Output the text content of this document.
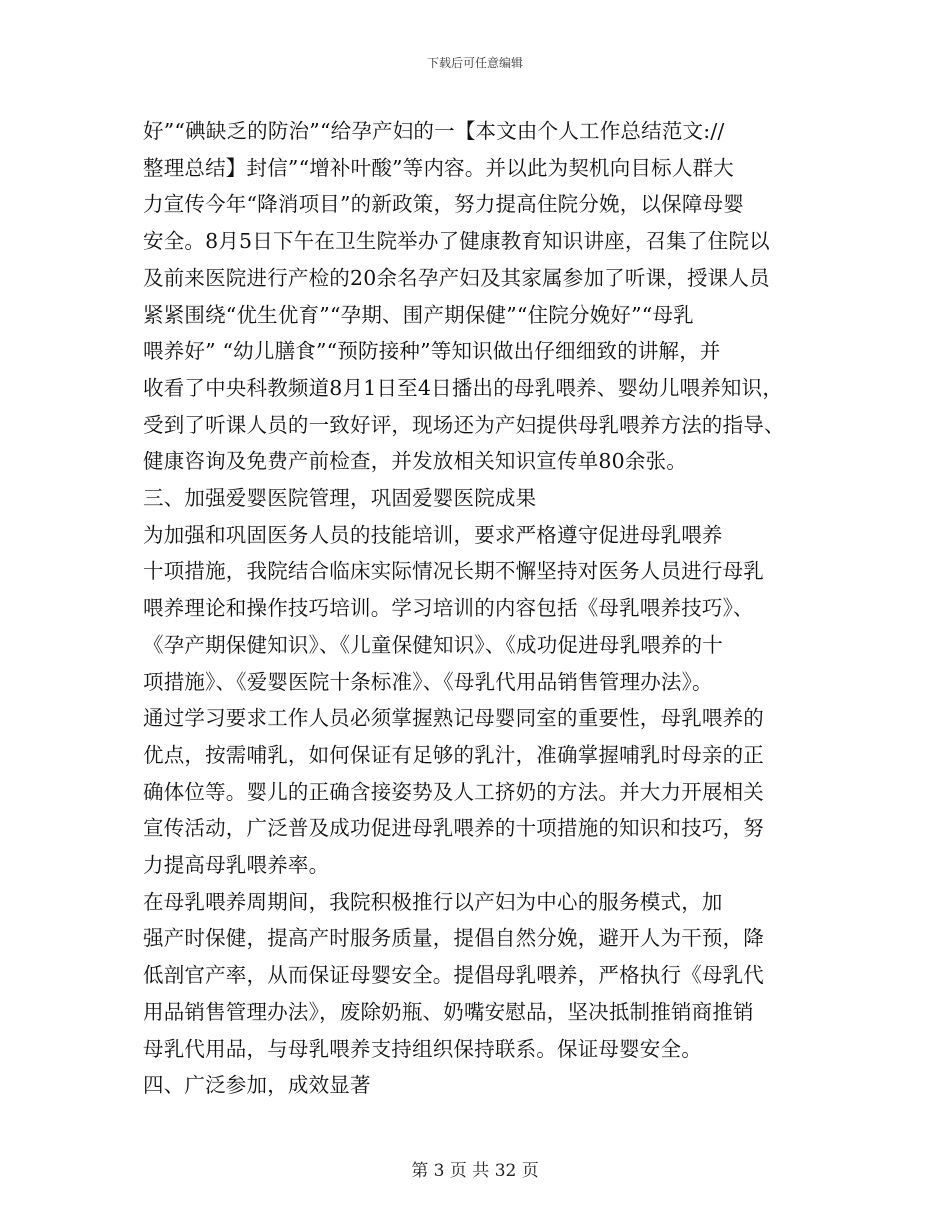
下载后可任意编辑
好”“碘缺乏的防治”“给孕产妇的一【本文由个人工作总结范文://
整理总结】封信”“增补叶酸”等内容。并以此为契机向目标人群大
力宣传今年“降消项目”的新政策，努力提高住院分娩，以保障母婴
安全。8月5日下午在卫生院举办了健康教育知识讲座，召集了住院以
及前来医院进行产检的20余名孕产妇及其家属参加了听课，授课人员
紧紧围绕“优生优育”“孕期、围产期保健”“住院分娩好”“母乳
喂养好” “幼儿膳食”“预防接种”等知识做出仔细细致的讲解，并
收看了中央科教频道8月1日至4日播出的母乳喂养、婴幼儿喂养知识，
受到了听课人员的一致好评，现场还为产妇提供母乳喂养方法的指导、
健康咨询及免费产前检查，并发放相关知识宣传单80余张。
三、加强爱婴医院管理，巩固爱婴医院成果
为加强和巩固医务人员的技能培训，要求严格遵守促进母乳喂养
十项措施，我院结合临床实际情况长期不懈坚持对医务人员进行母乳
喂养理论和操作技巧培训。学习培训的内容包括《母乳喂养技巧》、
《孕产期保健知识》、《儿童保健知识》、《成功促进母乳喂养的十
项措施》、《爱婴医院十条标准》、《母乳代用品销售管理办法》。
通过学习要求工作人员必须掌握熟记母婴同室的重要性，母乳喂养的
优点，按需哺乳，如何保证有足够的乳汁，准确掌握哺乳时母亲的正
确体位等。婴儿的正确含接姿势及人工挤奶的方法。并大力开展相关
宣传活动，广泛普及成功促进母乳喂养的十项措施的知识和技巧，努
力提高母乳喂养率。
在母乳喂养周期间，我院积极推行以产妇为中心的服务模式，加
强产时保健，提高产时服务质量，提倡自然分娩，避开人为干预，降
低剖官产率，从而保证母婴安全。提倡母乳喂养，严格执行《母乳代
用品销售管理办法》，废除奶瓶、奶嘴安慰品，坚决抵制推销商推销
母乳代用品，与母乳喂养支持组织保持联系。保证母婴安全。
四、广泛参加，成效显著
第 3 页 共 32 页
